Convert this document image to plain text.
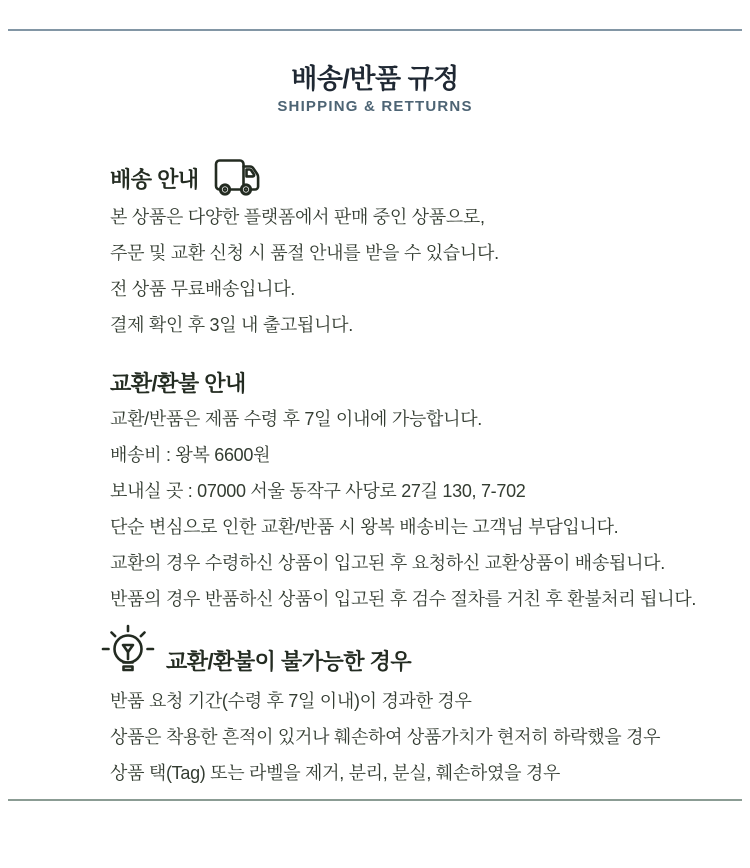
배송/반품 규정
SHIPPING & RETTURNS
배송 안내

본 상품은 다양한 플랫폼에서 판매 중인 상품으로,

주문 및 교환 신청 시 품절 안내를 받을 수 있습니다.

전 상품 무료배송입니다.

결제 확인 후 3일 내 출고됩니다.

교환/환불 안내

교환/반품은 제품 수령 후 7일 이내에 가능합니다.

배송비 : 왕복 6600원

보내실 곳 : 07000 서울 동작구 사당로 27길 130, 7-702

단순 변심으로 인한 교환/반품 시 왕복 배송비는 고객님 부담입니다.

교환의 경우 수령하신 상품이 입고된 후 요청하신 교환상품이 배송됩니다.

반품의 경우 반품하신 상품이 입고된 후 검수 절차를 거친 후 환불처리 됩니다.

교환/환불이 불가능한 경우

반품 요청 기간(수령 후 7일 이내)이 경과한 경우

상품은 착용한 흔적이 있거나 훼손하여 상품가치가 현저히 하락했을 경우

상품 택(Tag) 또는 라벨을 제거, 분리, 분실, 훼손하였을 경우
